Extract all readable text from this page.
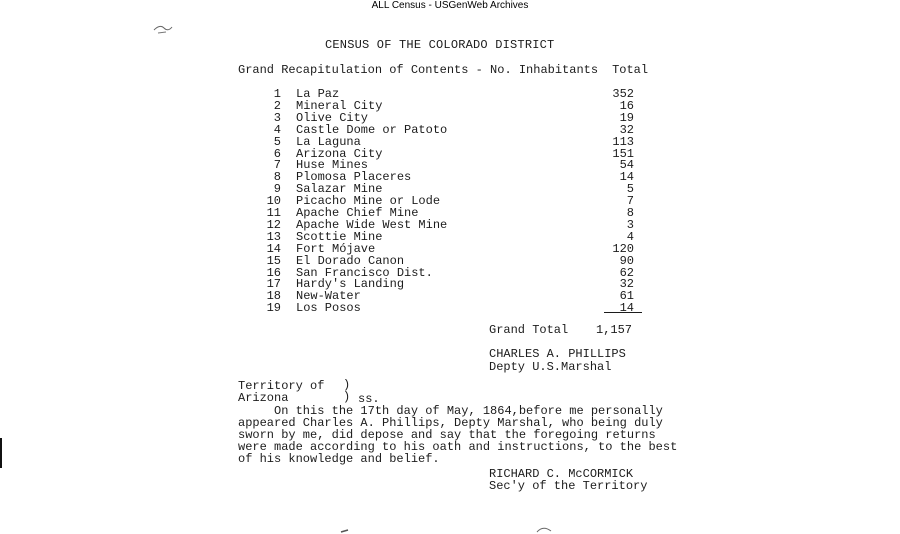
ALL Census - USGenWeb Archives
CENSUS OF THE COLORADO DISTRICT
Grand Recapitulation of Contents - No. Inhabitants Total
1 La Paz	352
2 Mineral City	16
3 Olive City	19
4 Castle Dome or Patoto	32
5 La Laguna	113
6 Arizona City	151
7 Huse Mines	54
8 Plomosa Placeres	14
9 Salazar Mine	5
10 Picacho Mine or Lode	7
11 Apache Chief Mine	8
12 Apache Wide West Mine	3
13 Scottie Mine	4
14 Fort Mójave	120
15 El Dorado Canon	90
16 San Francisco Dist.	62
17 Hardy's Landing	32
18 New-Water	61
19 Los Posos	14
Grand Total 1,157
CHARLES A. PHILLIPS
Depty U.S.Marshal
Territory of
Arizona
)
) ss.
On this the 17th day of May, 1864,before me personally
appeared Charles A. Phillips, Depty Marshal, who being duly
sworn by me, did depose and say that the foregoing returns
were made according to his oath and instructions, to the best
of his knowledge and belief.
RICHARD C. McCORMICK
Sec'y of the Territory
